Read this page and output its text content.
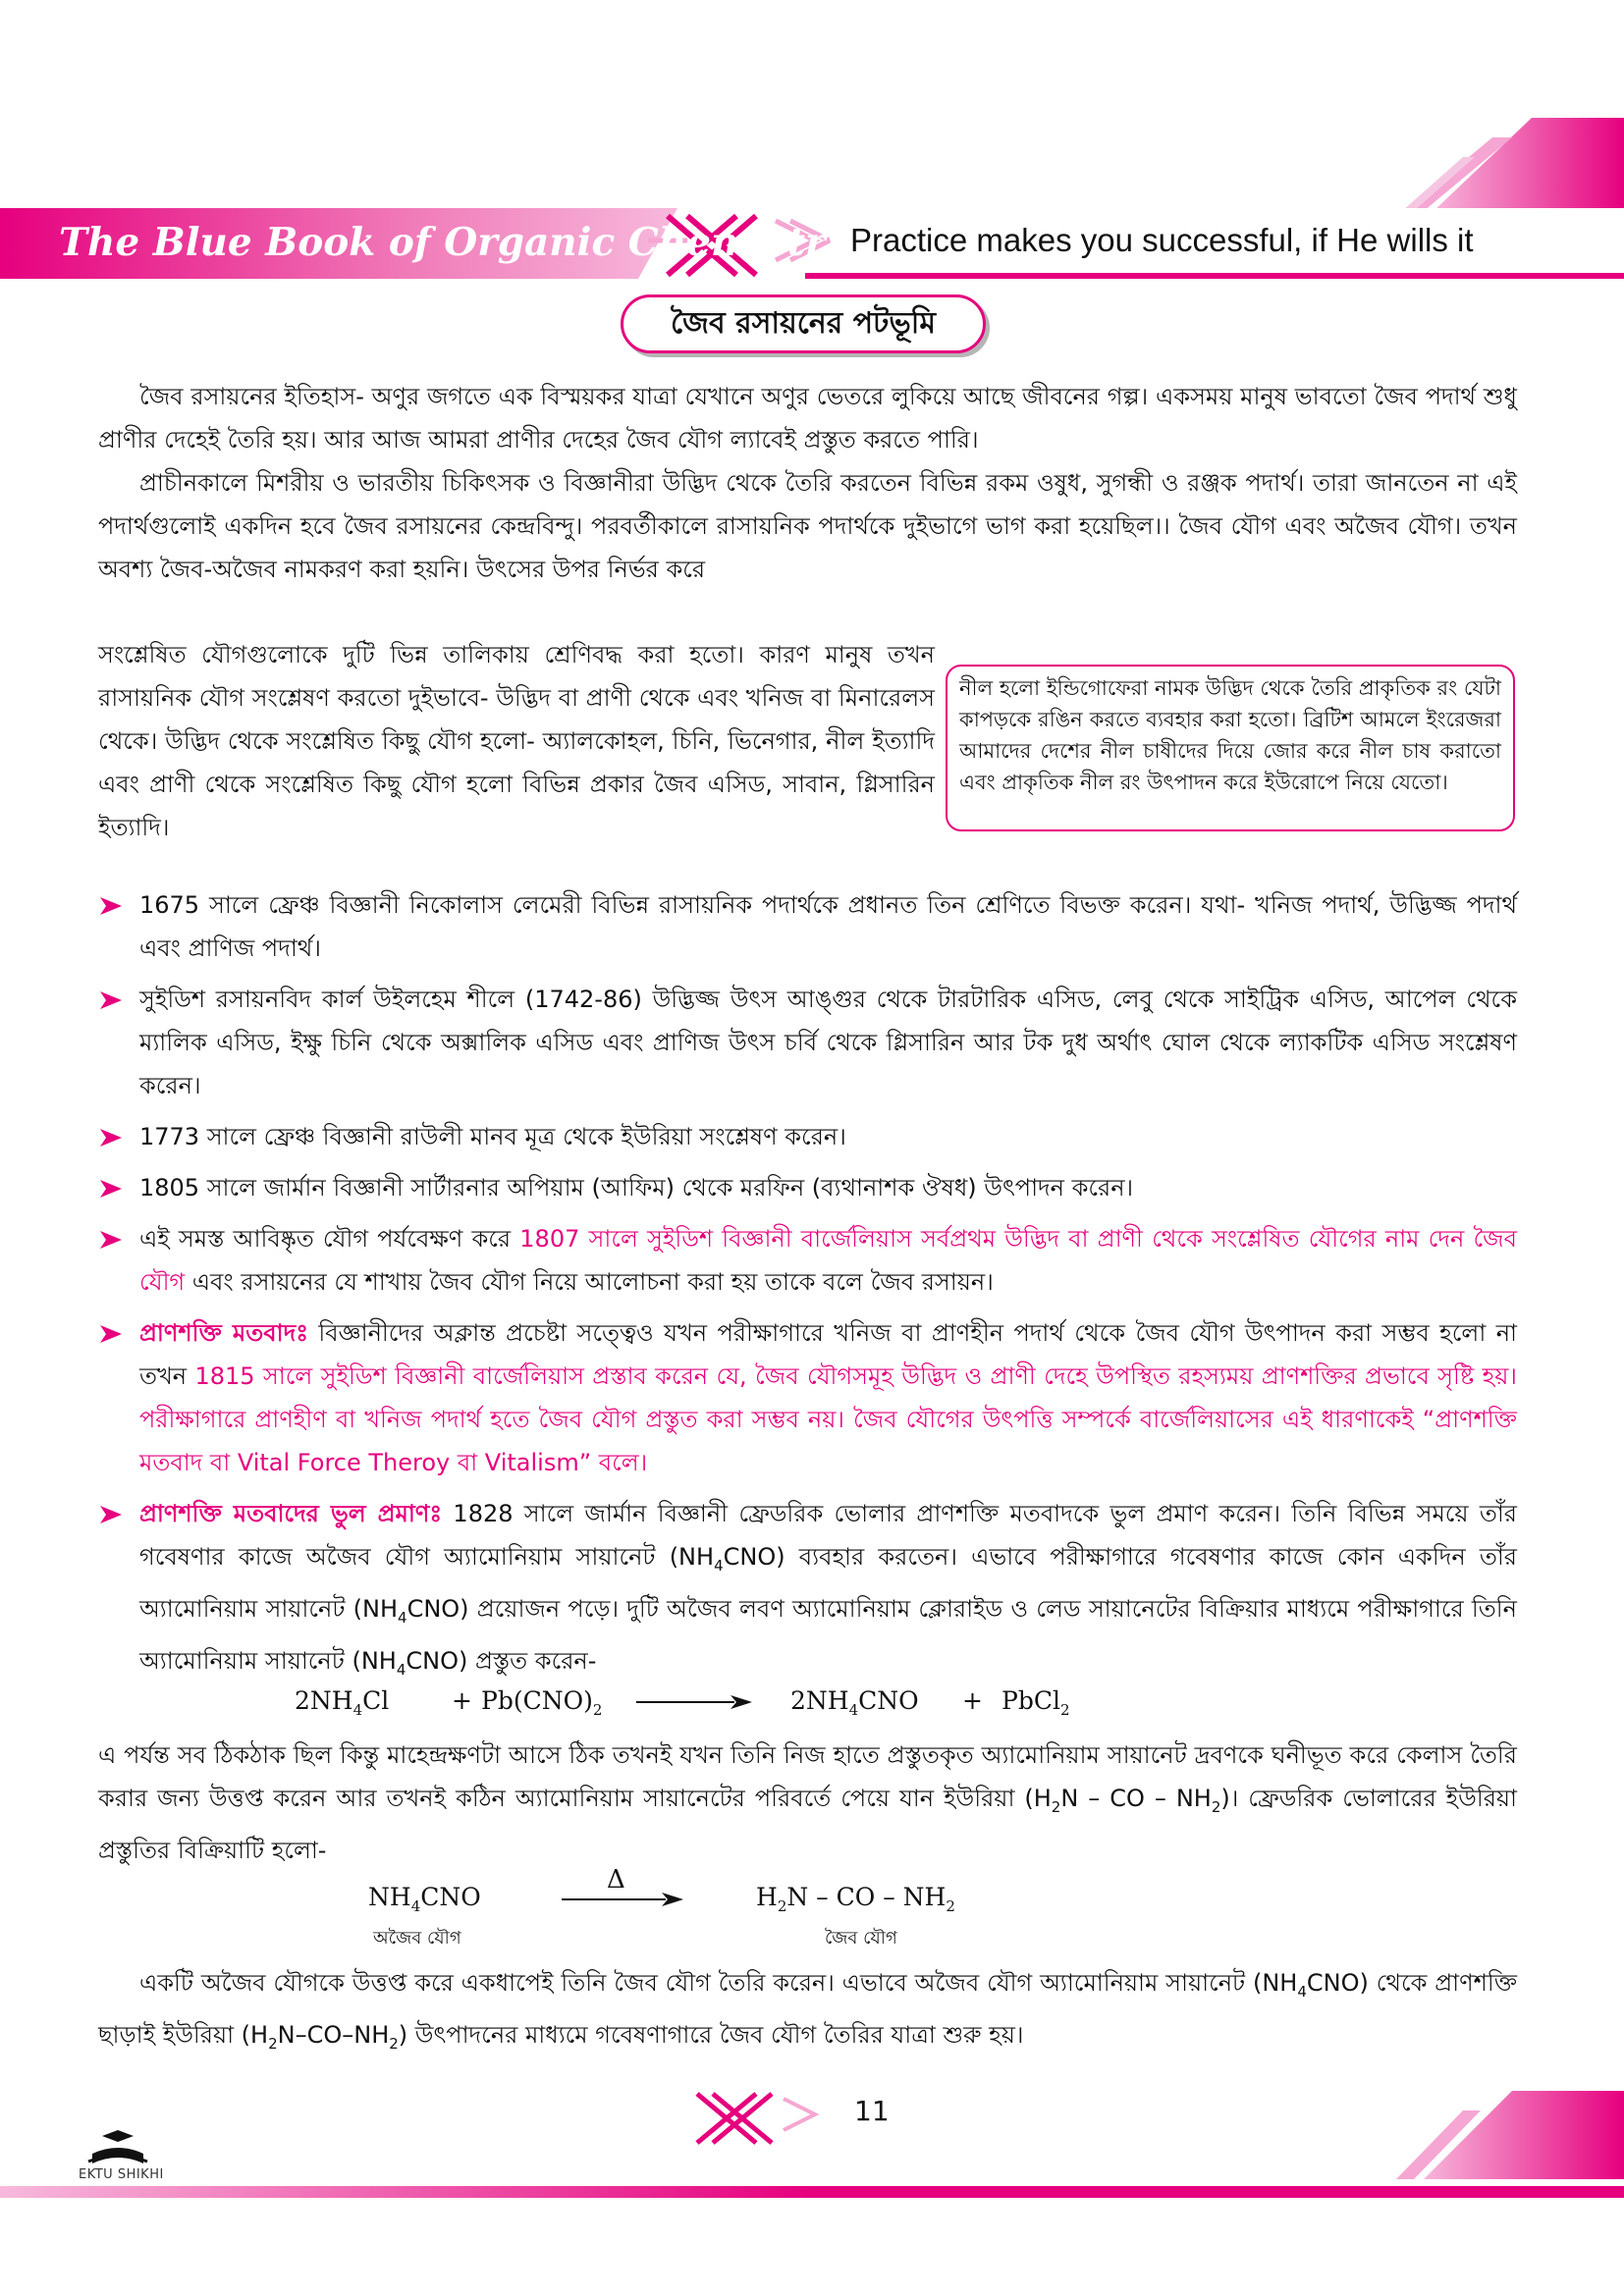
The Blue Book of Organic Chemistry Practice makes you successful, if He wills it
জৈব রসায়নের পটভূমি
জৈব রসায়নের ইতিহাস- অণুর জগতে এক বিস্ময়কর যাত্রা যেখানে অণুর ভেতরে লুকিয়ে আছে জীবনের গল্প। একসময় মানুষ ভাবতো জৈব পদার্থ শুধু প্রাণীর দেহেই তৈরি হয়। আর আজ আমরা প্রাণীর দেহের জৈব যৌগ ল্যাবেই প্রস্তুত করতে পারি।
প্রাচীনকালে মিশরীয় ও ভারতীয় চিকিৎসক ও বিজ্ঞানীরা উদ্ভিদ থেকে তৈরি করতেন বিভিন্ন রকম ওষুধ, সুগন্ধী ও রঞ্জক পদার্থ। তারা জানতেন না এই পদার্থগুলোই একদিন হবে জৈব রসায়নের কেন্দ্রবিন্দু। পরবর্তীকালে রাসায়নিক পদার্থকে দুইভাগে ভাগ করা হয়েছিল।। জৈব যৌগ এবং অজৈব যৌগ। তখন অবশ্য জৈব-অজৈব নামকরণ করা হয়নি। উৎসের উপর নির্ভর করে
সংশ্লেষিত যৌগগুলোকে দুটি ভিন্ন তালিকায় শ্রেণিবদ্ধ করা হতো। কারণ মানুষ তখন রাসায়নিক যৌগ সংশ্লেষণ করতো দুইভাবে- উদ্ভিদ বা প্রাণী থেকে এবং খনিজ বা মিনারেলস থেকে। উদ্ভিদ থেকে সংশ্লেষিত কিছু যৌগ হলো- অ্যালকোহল, চিনি, ভিনেগার, নীল ইত্যাদি এবং প্রাণী থেকে সংশ্লেষিত কিছু যৌগ হলো বিভিন্ন প্রকার জৈব এসিড, সাবান, গ্লিসারিন ইত্যাদি।
নীল হলো ইন্ডিগোফেরা নামক উদ্ভিদ থেকে তৈরি প্রাকৃতিক রং যেটা কাপড়কে রঙিন করতে ব্যবহার করা হতো। ব্রিটিশ আমলে ইংরেজরা আমাদের দেশের নীল চাষীদের দিয়ে জোর করে নীল চাষ করাতো এবং প্রাকৃতিক নীল রং উৎপাদন করে ইউরোপে নিয়ে যেতো।
1675 সালে ফ্রেঞ্চ বিজ্ঞানী নিকোলাস লেমেরী বিভিন্ন রাসায়নিক পদার্থকে প্রধানত তিন শ্রেণিতে বিভক্ত করেন। যথা- খনিজ পদার্থ, উদ্ভিজ্জ পদার্থ এবং প্রাণিজ পদার্থ।
সুইডিশ রসায়নবিদ কার্ল উইলহেম শীলে (1742-86) উদ্ভিজ্জ উৎস আঙ্গুর থেকে টারটারিক এসিড, লেবু থেকে সাইট্রিক এসিড, আপেল থেকে ম্যালিক এসিড, ইক্ষু চিনি থেকে অক্সালিক এসিড এবং প্রাণিজ উৎস চর্বি থেকে গ্লিসারিন আর টক দুধ অর্থাৎ ঘোল থেকে ল্যাকটিক এসিড সংশ্লেষণ করেন।
1773 সালে ফ্রেঞ্চ বিজ্ঞানী রাউলী মানব মূত্র থেকে ইউরিয়া সংশ্লেষণ করেন।
1805 সালে জার্মান বিজ্ঞানী সার্টারনার অপিয়াম (আফিম) থেকে মরফিন (ব্যথানাশক ঔষধ) উৎপাদন করেন।
এই সমস্ত আবিষ্কৃত যৌগ পর্যবেক্ষণ করে 1807 সালে সুইডিশ বিজ্ঞানী বার্জেলিয়াস সর্বপ্রথম উদ্ভিদ বা প্রাণী থেকে সংশ্লেষিত যৌগের নাম দেন জৈব যৌগ এবং রসায়নের যে শাখায় জৈব যৌগ নিয়ে আলোচনা করা হয় তাকে বলে জৈব রসায়ন।
প্রাণশক্তি মতবাদঃ বিজ্ঞানীদের অক্লান্ত প্রচেষ্টা সত্ত্বেও যখন পরীক্ষাগারে খনিজ বা প্রাণহীন পদার্থ থেকে জৈব যৌগ উৎপাদন করা সম্ভব হলো না তখন 1815 সালে সুইডিশ বিজ্ঞানী বার্জেলিয়াস প্রস্তাব করেন যে, জৈব যৌগসমূহ উদ্ভিদ ও প্রাণী দেহে উপস্থিত রহস্যময় প্রাণশক্তির প্রভাবে সৃষ্টি হয়। পরীক্ষাগারে প্রাণহীণ বা খনিজ পদার্থ হতে জৈব যৌগ প্রস্তুত করা সম্ভব নয়। জৈব যৌগের উৎপত্তি সম্পর্কে বার্জেলিয়াসের এই ধারণাকেই “প্রাণশক্তি মতবাদ বা Vital Force Theroy বা Vitalism” বলে।
প্রাণশক্তি মতবাদের ভুল প্রমাণঃ 1828 সালে জার্মান বিজ্ঞানী ফ্রেডরিক ভোলার প্রাণশক্তি মতবাদকে ভুল প্রমাণ করেন। তিনি বিভিন্ন সময়ে তাঁর গবেষণার কাজে অজৈব যৌগ অ্যামোনিয়াম সায়ানেট $(NH_4CNO)$ ব্যবহার করতেন। এভাবে পরীক্ষাগারে গবেষণার কাজে কোন একদিন তাঁর অ্যামোনিয়াম সায়ানেট $(NH_4CNO)$ প্রয়োজন পড়ে। দুটি অজৈব লবণ অ্যামোনিয়াম ক্লোরাইড ও লেড সায়ানেটের বিক্রিয়ার মাধ্যমে পরীক্ষাগারে তিনি অ্যামোনিয়াম সায়ানেট $(NH_4CNO)$ প্রস্তুত করেন-
$2NH_4Cl$	+ $Pb(CNO)_2$	$2NH_4CNO$ + PbCl$_2$
এ পর্যন্ত সব ঠিকঠাক ছিল কিন্তু মাহেন্দ্রক্ষণটা আসে ঠিক তখনই যখন তিনি নিজ হাতে প্রস্তুতকৃত অ্যামোনিয়াম সায়ানেট দ্রবণকে ঘনীভূত করে কেলাস তৈরি করার জন্য উত্তপ্ত করেন আর তখনই কঠিন অ্যামোনিয়াম সায়ানেটের পরিবর্তে পেয়ে যান ইউরিয়া ($H_2N$ – CO – $NH_2)।$ ফ্রেডরিক ভোলারের ইউরিয়া প্রস্তুতির বিক্রিয়াটি হলো-
$NH_4CNO$
অজৈব যৌগ
Δ
$H_2N$ – CO – $NH_2$
জৈব যৌগ
একটি অজৈব যৌগকে উত্তপ্ত করে একধাপেই তিনি জৈব যৌগ তৈরি করেন। এভাবে অজৈব যৌগ অ্যামোনিয়াম সায়ানেট $(NH_4CNO)$ থেকে প্রাণশক্তি ছাড়াই ইউরিয়া $(H_2N-CO-NH_2)$ উৎপাদনের মাধ্যমে গবেষণাগারে জৈব যৌগ তৈরির যাত্রা শুরু হয়।
11
EKTU SHIKHI
